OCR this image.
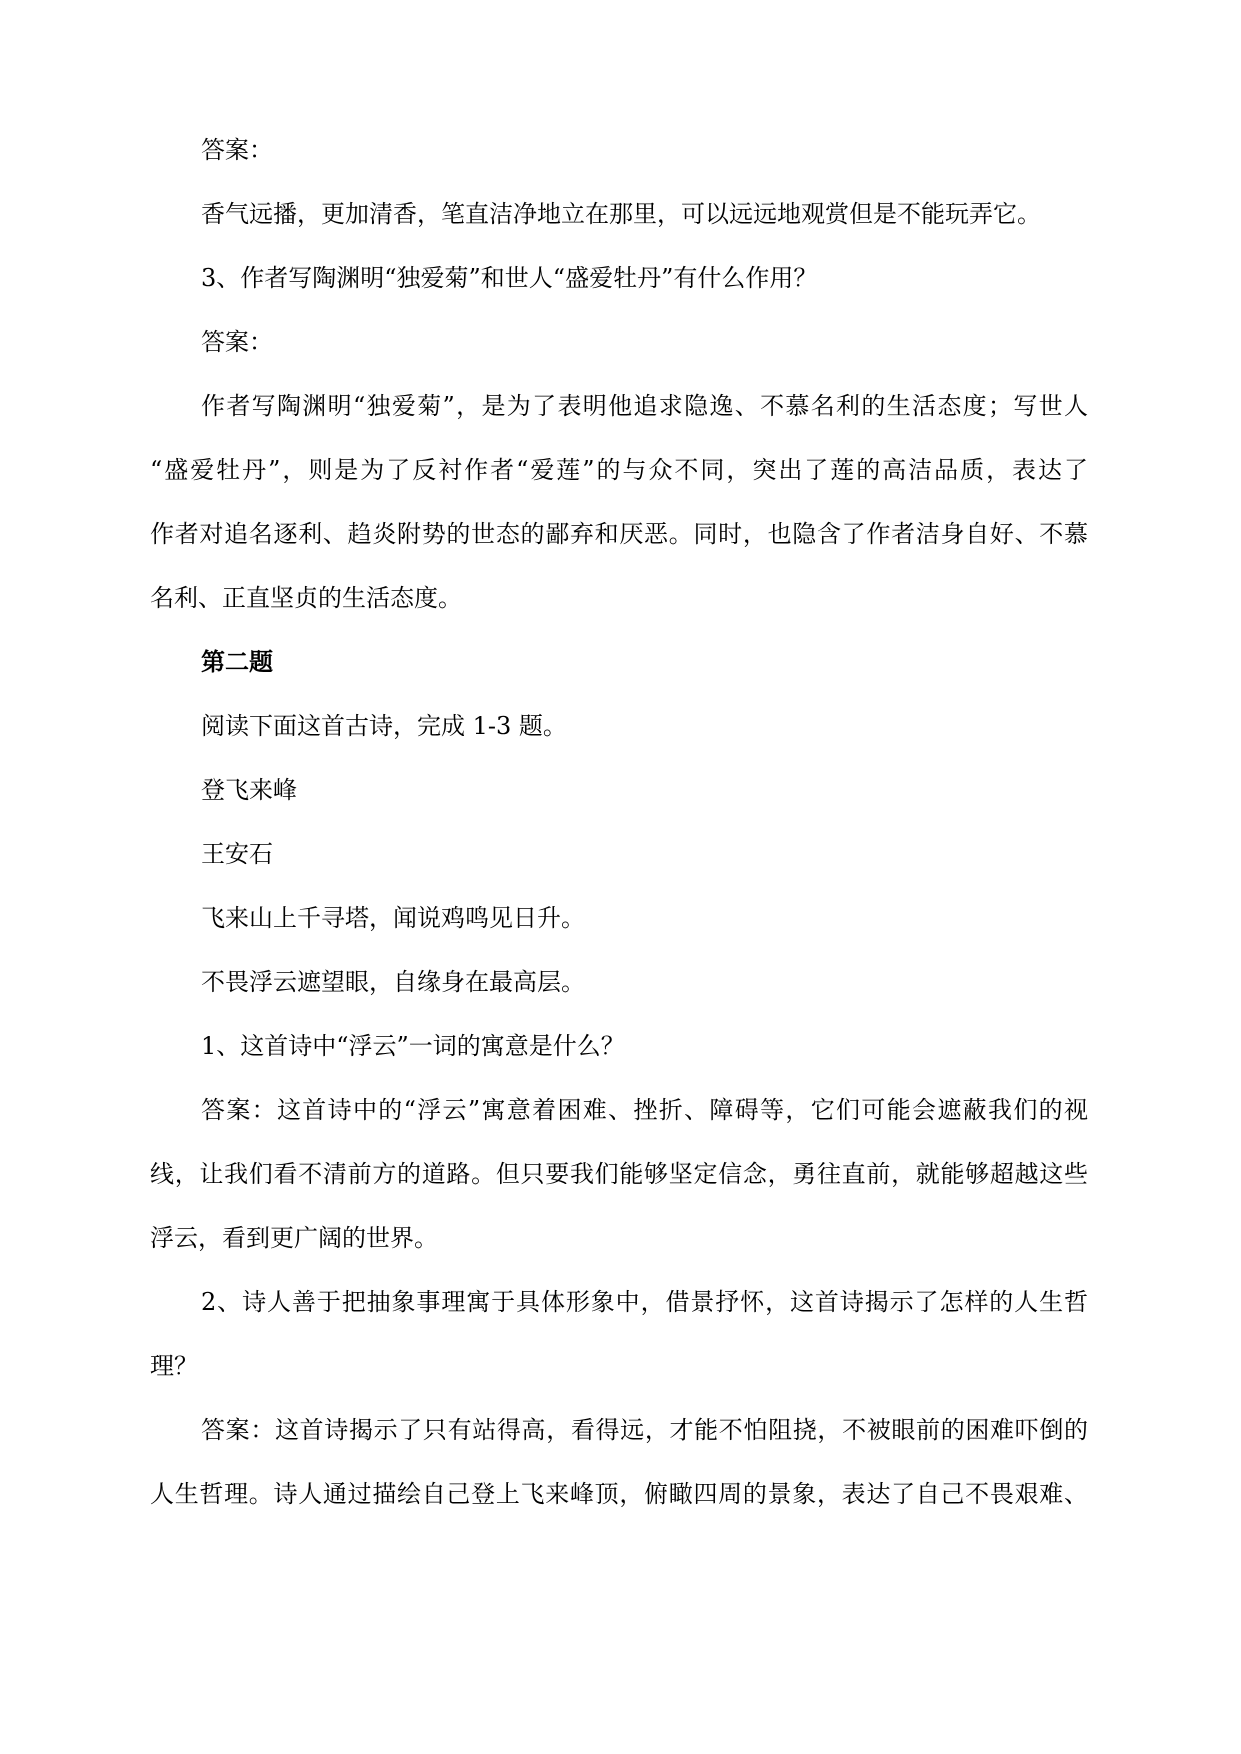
答案：
香气远播，更加清香，笔直洁净地立在那里，可以远远地观赏但是不能玩弄它。
3、作者写陶渊明“独爱菊”和世人“盛爱牡丹”有什么作用？
答案：
作者写陶渊明“独爱菊”，是为了表明他追求隐逸、不慕名利的生活态度；写世人
“盛爱牡丹”，则是为了反衬作者“爱莲”的与众不同，突出了莲的高洁品质，表达了
作者对追名逐利、趋炎附势的世态的鄙弃和厌恶。同时，也隐含了作者洁身自好、不慕
名利、正直坚贞的生活态度。
第二题
阅读下面这首古诗，完成 1-3 题。
登飞来峰
王安石
飞来山上千寻塔，闻说鸡鸣见日升。
不畏浮云遮望眼，自缘身在最高层。
1、这首诗中“浮云”一词的寓意是什么？
答案：这首诗中的“浮云”寓意着困难、挫折、障碍等，它们可能会遮蔽我们的视
线，让我们看不清前方的道路。但只要我们能够坚定信念，勇往直前，就能够超越这些
浮云，看到更广阔的世界。
2、诗人善于把抽象事理寓于具体形象中，借景抒怀，这首诗揭示了怎样的人生哲
理？
答案：这首诗揭示了只有站得高，看得远，才能不怕阻挠，不被眼前的困难吓倒的
人生哲理。诗人通过描绘自己登上飞来峰顶，俯瞰四周的景象，表达了自己不畏艰难、
